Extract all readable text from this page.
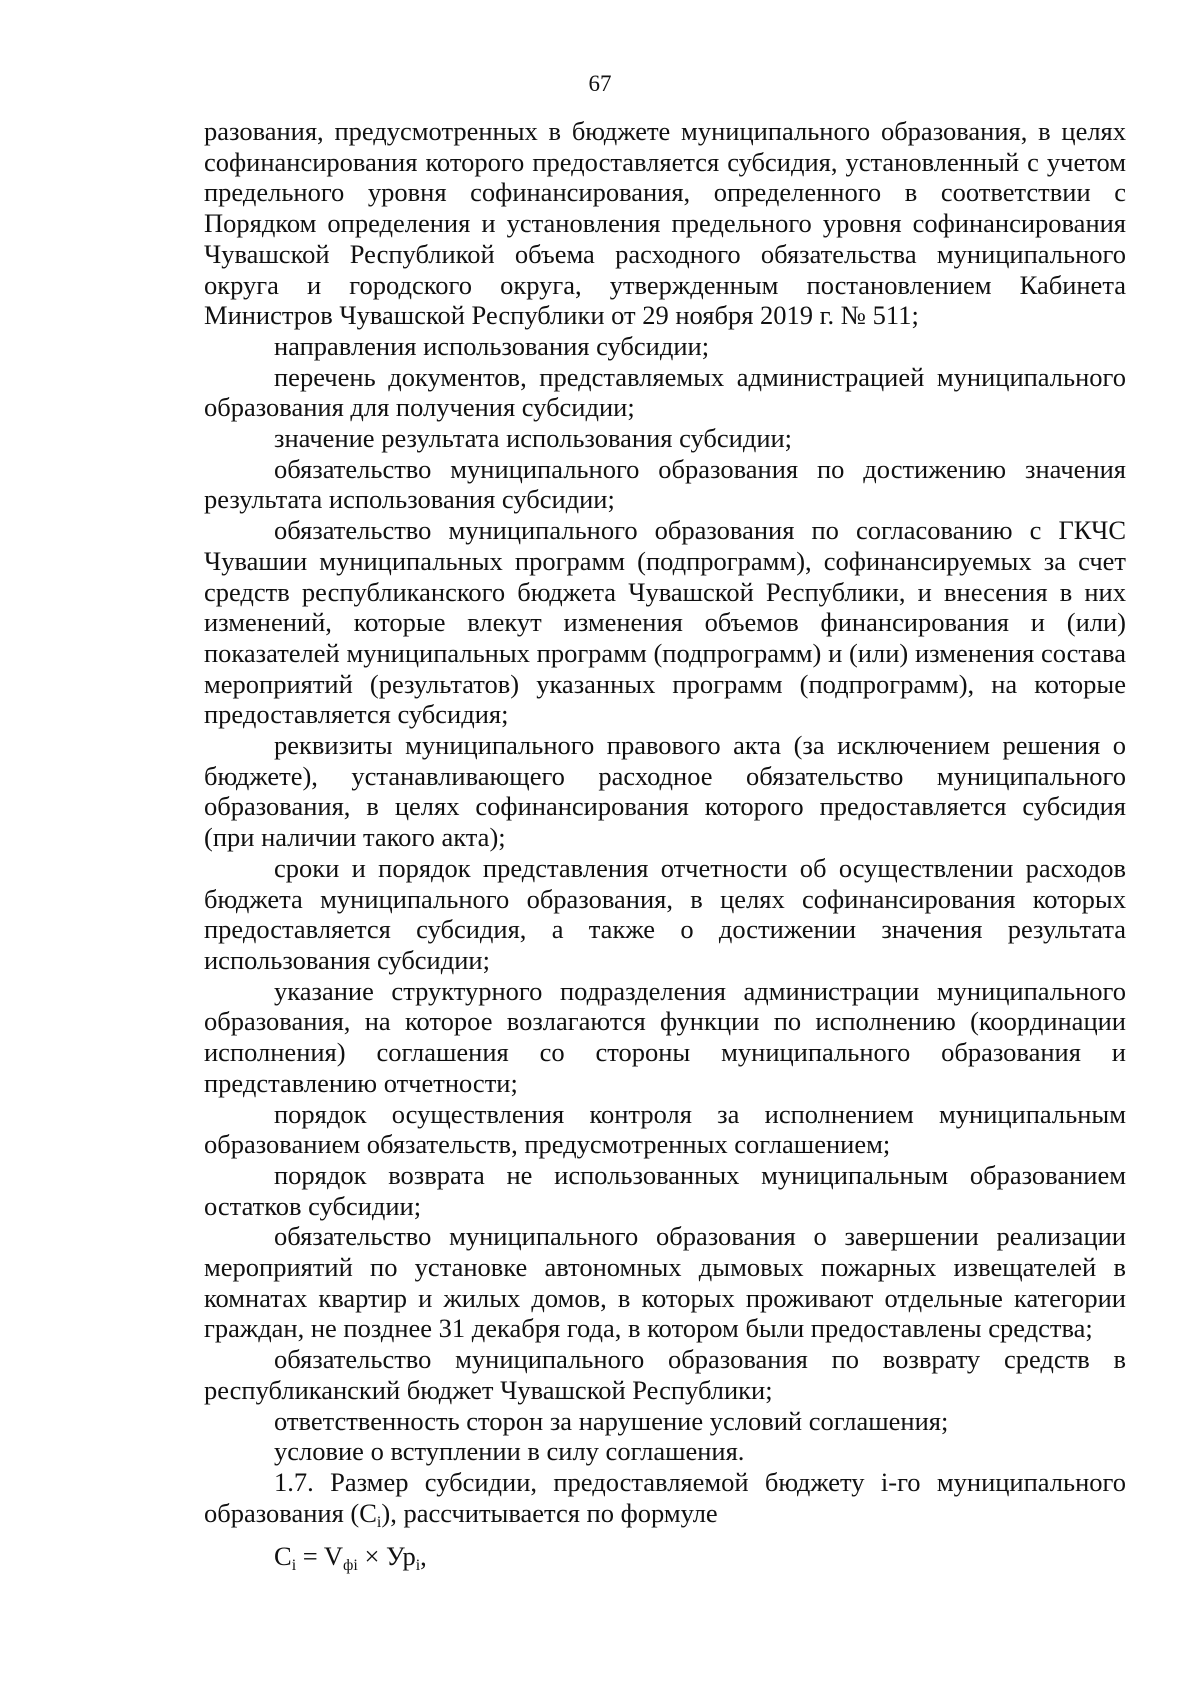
67

разования, предусмотренных в бюджете муниципального образования, в целях софинансирования которого предоставляется субсидия, установленный с учетом предельного уровня софинансирования, определенного в соответствии с Порядком определения и установления предельного уровня софинансирования Чувашской Республикой объема расходного обязательства муниципального округа и городского округа, утвержденным постановлением Кабинета Министров Чувашской Республики от 29 ноября 2019 г. № 511;

направления использования субсидии;

перечень документов, представляемых администрацией муниципального образования для получения субсидии;

значение результата использования субсидии;

обязательство муниципального образования по достижению значения результата использования субсидии;

обязательство муниципального образования по согласованию с ГКЧС Чувашии муниципальных программ (подпрограмм), софинансируемых за счет средств республиканского бюджета Чувашской Республики, и внесения в них изменений, которые влекут изменения объемов финансирования и (или) показателей муниципальных программ (подпрограмм) и (или) изменения состава мероприятий (результатов) указанных программ (подпрограмм), на которые предоставляется субсидия;

реквизиты муниципального правового акта (за исключением решения о бюджете), устанавливающего расходное обязательство муниципального образования, в целях софинансирования которого предоставляется субсидия (при наличии такого акта);

сроки и порядок представления отчетности об осуществлении расходов бюджета муниципального образования, в целях софинансирования которых предоставляется субсидия, а также о достижении значения результата использования субсидии;

указание структурного подразделения администрации муниципального образования, на которое возлагаются функции по исполнению (координации исполнения) соглашения со стороны муниципального образования и представлению отчетности;

порядок осуществления контроля за исполнением муниципальным образованием обязательств, предусмотренных соглашением;

порядок возврата не использованных муниципальным образованием остатков субсидии;

обязательство муниципального образования о завершении реализации мероприятий по установке автономных дымовых пожарных извещателей в комнатах квартир и жилых домов, в которых проживают отдельные категории граждан, не позднее 31 декабря года, в котором были предоставлены средства;

обязательство муниципального образования по возврату средств в республиканский бюджет Чувашской Республики;

ответственность сторон за нарушение условий соглашения;

условие о вступлении в силу соглашения.

1.7. Размер субсидии, предоставляемой бюджету i-го муниципального образования $(С_i)$, рассчитывается по формуле

$С_i = V_{фi} \times Ур_i$,
